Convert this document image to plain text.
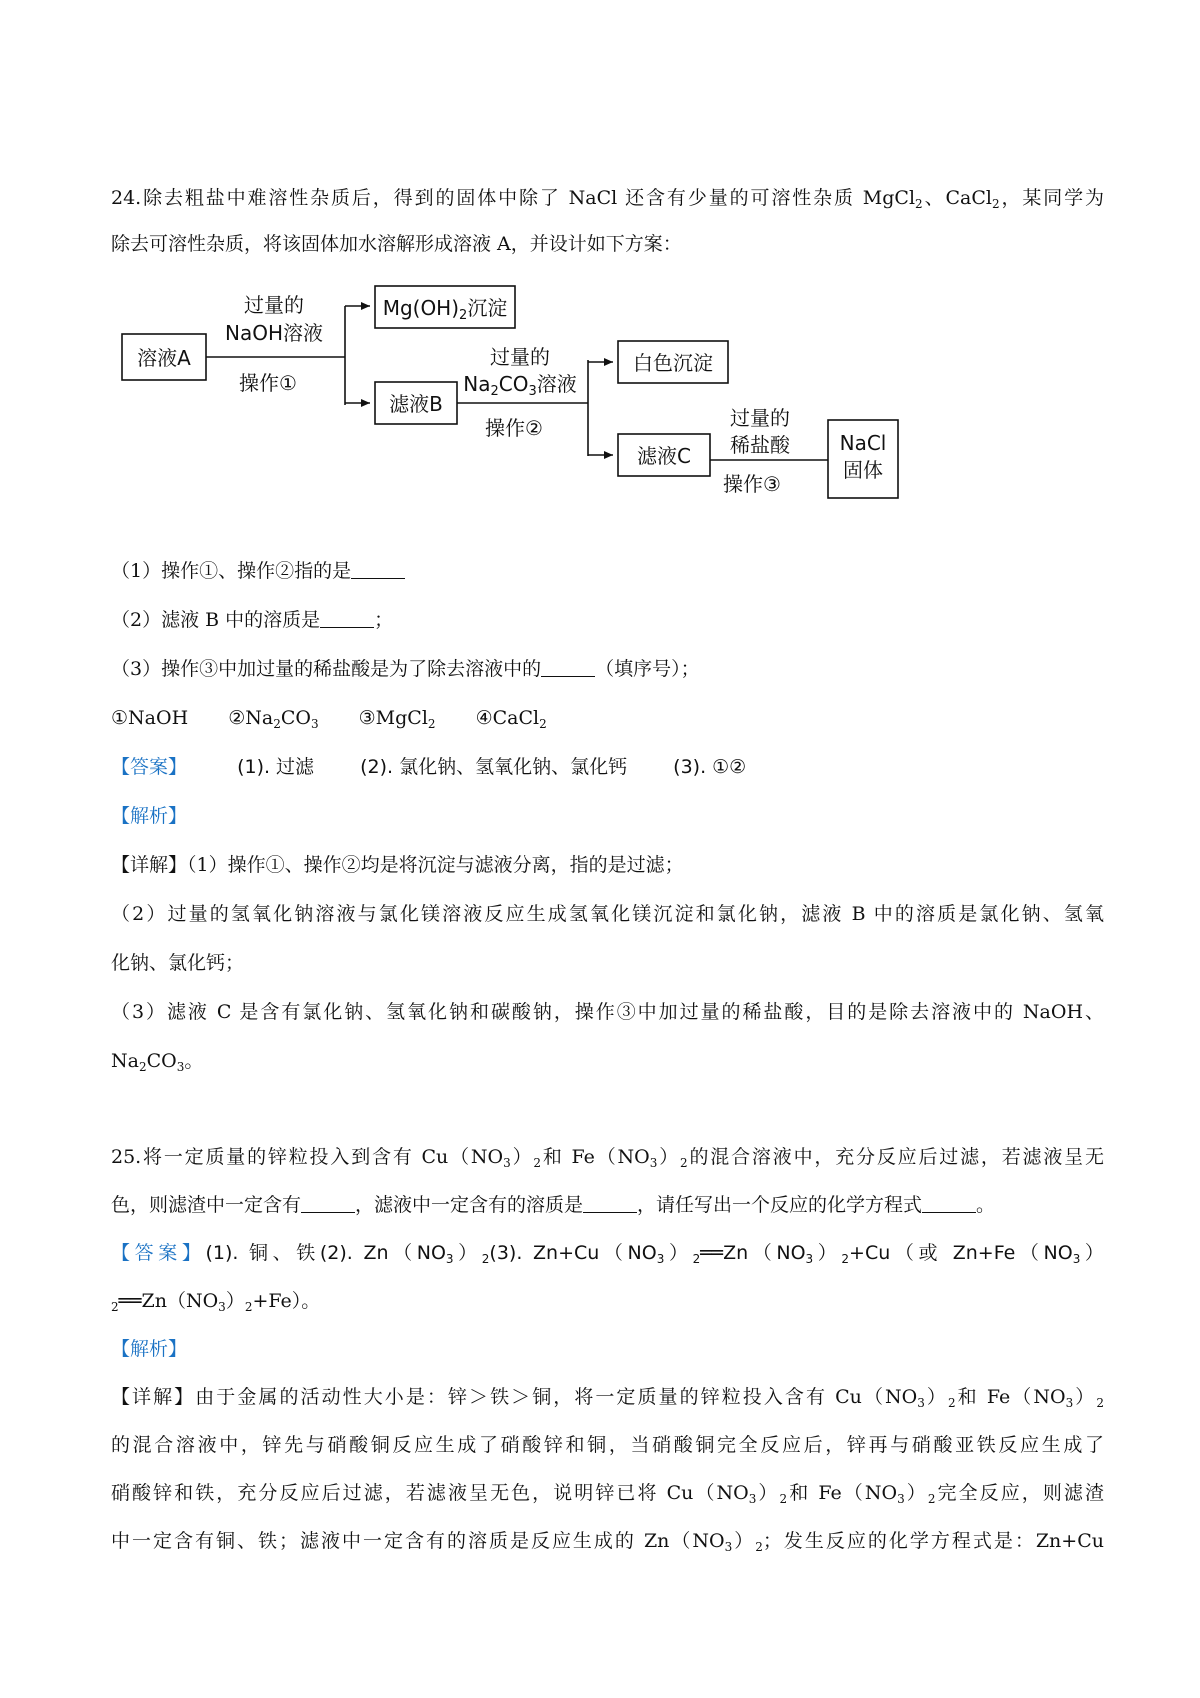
24.除去粗盐中难溶性杂质后，得到的固体中除了 NaCl 还含有少量的可溶性杂质 MgCl$_2$、CaCl$_2$，某同学为
除去可溶性杂质，将该固体加水溶解形成溶液 A，并设计如下方案：
溶液A
$Mg(OH)_2$沉淀
滤液B
白色沉淀
滤液C
NaCl
固体
过量的
NaOH溶液
操作①
过量的
$Na_2CO_3$溶液
操作②	过量的
稀盐酸
操作③
（1）操作①、操作②指的是
（2）滤液 B 中的溶质是	；
（3）操作③中加过量的稀盐酸是为了除去溶液中的	（填序号）；
①NaOH $②Na_2CO_3$ ③MgCl$_2$ ④CaCl$_2$
【答案】	(1). 过滤 (2). 氯化钠、氢氧化钠、氯化钙 (3). ①②
【解析】
【详解】（1）操作①、操作②均是将沉淀与滤液分离，指的是过滤；
（2）过量的氢氧化钠溶液与氯化镁溶液反应生成氢氧化镁沉淀和氯化钠，滤液 B 中的溶质是氯化钠、氢氧
化钠、氯化钙；
（3）滤液 C 是含有氯化钠、氢氧化钠和碳酸钠，操作③中加过量的稀盐酸，目的是除去溶液中的 NaOH、
$Na_2CO_3$。
25.将一定质量的锌粒投入到含有 $Cu(NO_3)_2$和 $Fe(NO_3)_2$的混合溶液中，充分反应后过滤，若滤液呈无
色，则滤渣中一定含有	，滤液中一定含有的溶质是	，请任写出一个反应的化学方程式	。
【答案】(1). 铜、铁(2). $Zn(NO_3)_2(3)$. $Zn+Cu(NO_3)_2══Zn(NO_3)_2+Cu$（或 $Zn+Fe(NO_3)$
$_2══Zn(NO_3)_2+Fe$）。
【解析】
【详解】由于金属的活动性大小是：锌＞铁＞铜，将一定质量的锌粒投入含有 $Cu(NO_3)_2$和 $Fe(NO_3)_2$
的混合溶液中，锌先与硝酸铜反应生成了硝酸锌和铜，当硝酸铜完全反应后，锌再与硝酸亚铁反应生成了
硝酸锌和铁，充分反应后过滤，若滤液呈无色，说明锌已将 $Cu(NO_3)_2$和 $Fe(NO_3)_2$完全反应，则滤渣
中一定含有铜、铁；滤液中一定含有的溶质是反应生成的 $Zn(NO_3)_2$；发生反应的化学方程式是：Zn+Cu
